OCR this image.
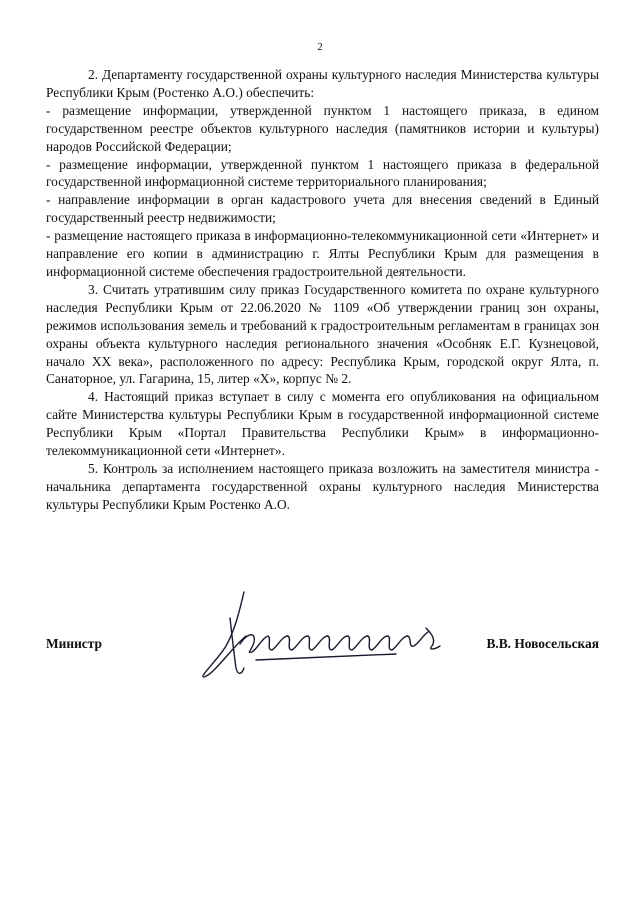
2

2. Департаменту государственной охраны культурного наследия Министерства культуры Республики Крым (Ростенко А.О.) обеспечить:

- размещение информации, утвержденной пунктом 1 настоящего приказа, в едином государственном реестре объектов культурного наследия (памятников истории и культуры) народов Российской Федерации;

- размещение информации, утвержденной пунктом 1 настоящего приказа в федеральной государственной информационной системе территориального планирования;

- направление информации в орган кадастрового учета для внесения сведений в Единый государственный реестр недвижимости;

- размещение настоящего приказа в информационно-телекоммуникационной сети «Интернет» и направление его копии в администрацию г. Ялты Республики Крым для размещения в информационной системе обеспечения градостроительной деятельности.

3. Считать утратившим силу приказ Государственного комитета по охране культурного наследия Республики Крым от 22.06.2020 № 1109 «Об утверждении границ зон охраны, режимов использования земель и требований к градостроительным регламентам в границах зон охраны объекта культурного наследия регионального значения «Особняк Е.Г. Кузнецовой, начало XX века», расположенного по адресу: Республика Крым, городской округ Ялта, п. Санаторное, ул. Гагарина, 15, литер «Х», корпус № 2.

4. Настоящий приказ вступает в силу с момента его опубликования на официальном сайте Министерства культуры Республики Крым в государственной информационной системе Республики Крым «Портал Правительства Республики Крым» в информационно-телекоммуникационной сети «Интернет».

5. Контроль за исполнением настоящего приказа возложить на заместителя министра - начальника департамента государственной охраны культурного наследия Министерства культуры Республики Крым Ростенко А.О.

Министр	В.В. Новосельская
